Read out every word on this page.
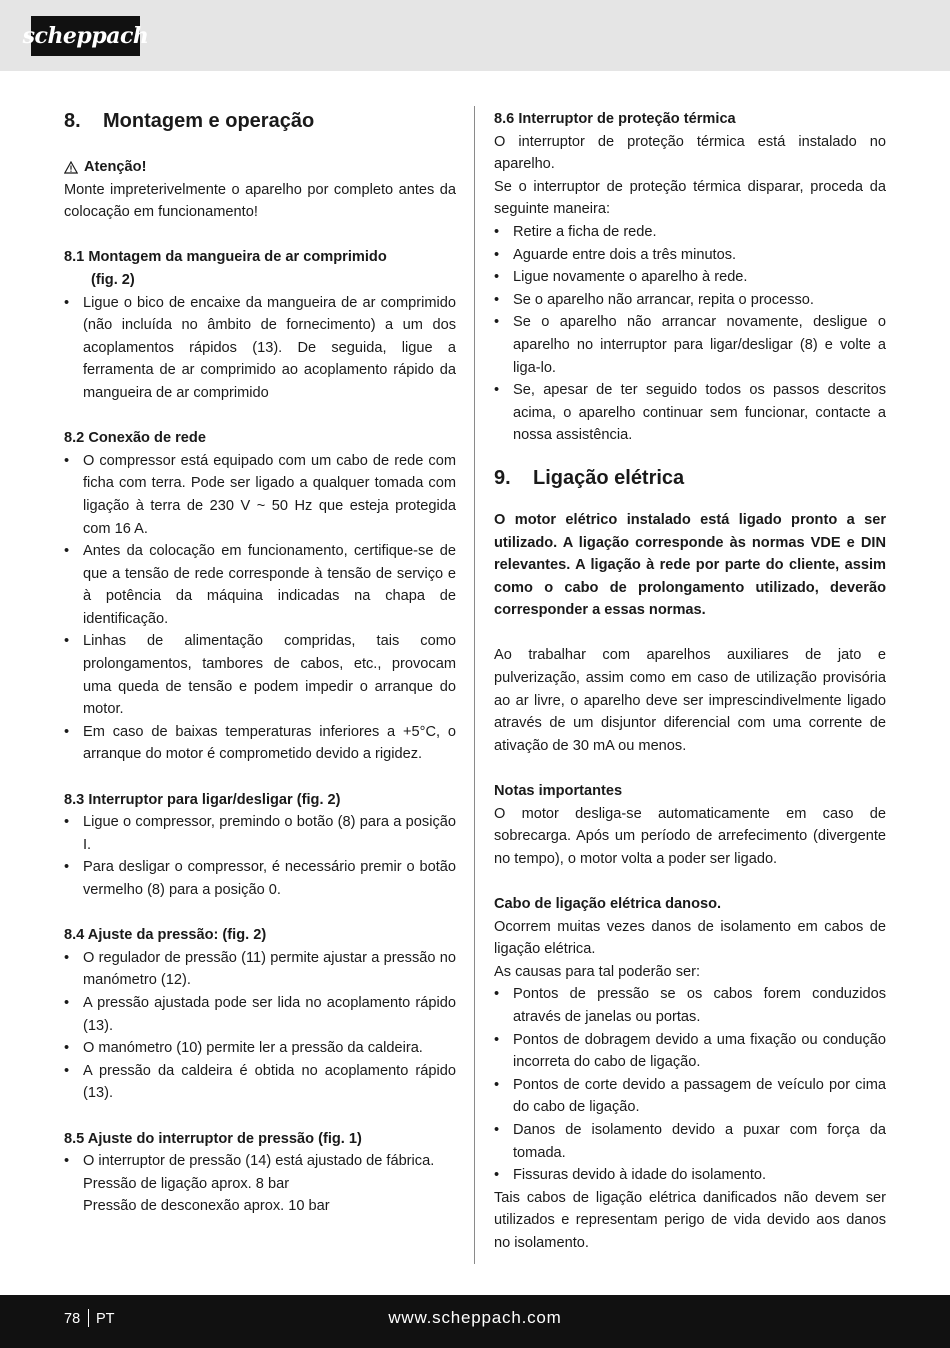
scheppach
8.	Montagem e operação
Atenção!
Monte impreterivelmente o aparelho por completo antes da colocação em funcionamento!
8.1 Montagem da mangueira de ar comprimido
(fig. 2)
• Ligue o bico de encaixe da mangueira de ar comprimido (não incluída no âmbito de fornecimento) a um dos acoplamentos rápidos (13). De seguida, ligue a ferramenta de ar comprimido ao acoplamento rápido da mangueira de ar comprimido
8.2 Conexão de rede
• O compressor está equipado com um cabo de rede com ficha com terra. Pode ser ligado a qualquer tomada com ligação à terra de 230 V ~ 50 Hz que esteja protegida com 16 A.
• Antes da colocação em funcionamento, certifique-se de que a tensão de rede corresponde à tensão de serviço e à potência da máquina indicadas na chapa de identificação.
• Linhas de alimentação compridas, tais como prolongamentos, tambores de cabos, etc., provocam uma queda de tensão e podem impedir o arranque do motor.
• Em caso de baixas temperaturas inferiores a +5°C, o arranque do motor é comprometido devido a rigidez.
8.3 Interruptor para ligar/desligar (fig. 2)
• Ligue o compressor, premindo o botão (8) para a posição I.
• Para desligar o compressor, é necessário premir o botão vermelho (8) para a posição 0.
8.4 Ajuste da pressão: (fig. 2)
• O regulador de pressão (11) permite ajustar a pressão no manómetro (12).
• A pressão ajustada pode ser lida no acoplamento rápido (13).
• O manómetro (10) permite ler a pressão da caldeira.
• A pressão da caldeira é obtida no acoplamento rápido (13).
8.5 Ajuste do interruptor de pressão (fig. 1)
• O interruptor de pressão (14) está ajustado de fábrica.
Pressão de ligação aprox. 8 bar
Pressão de desconexão aprox. 10 bar
8.6 Interruptor de proteção térmica
O interruptor de proteção térmica está instalado no aparelho.
Se o interruptor de proteção térmica disparar, proceda da seguinte maneira:
• Retire a ficha de rede.
• Aguarde entre dois a três minutos.
• Ligue novamente o aparelho à rede.
• Se o aparelho não arrancar, repita o processo.
• Se o aparelho não arrancar novamente, desligue o aparelho no interruptor para ligar/desligar (8) e volte a liga-lo.
• Se, apesar de ter seguido todos os passos descritos acima, o aparelho continuar sem funcionar, contacte a nossa assistência.
9.	Ligação elétrica
O motor elétrico instalado está ligado pronto a ser utilizado. A ligação corresponde às normas VDE e DIN relevantes. A ligação à rede por parte do cliente, assim como o cabo de prolongamento utilizado, deverão corresponder a essas normas.
Ao trabalhar com aparelhos auxiliares de jato e pulverização, assim como em caso de utilização provisória ao ar livre, o aparelho deve ser imprescindivelmente ligado através de um disjuntor diferencial com uma corrente de ativação de 30 mA ou menos.
Notas importantes
O motor desliga-se automaticamente em caso de sobrecarga. Após um período de arrefecimento (divergente no tempo), o motor volta a poder ser ligado.
Cabo de ligação elétrica danoso.
Ocorrem muitas vezes danos de isolamento em cabos de ligação elétrica.
As causas para tal poderão ser:
• Pontos de pressão se os cabos forem conduzidos através de janelas ou portas.
• Pontos de dobragem devido a uma fixação ou condução incorreta do cabo de ligação.
• Pontos de corte devido a passagem de veículo por cima do cabo de ligação.
• Danos de isolamento devido a puxar com força da tomada.
• Fissuras devido à idade do isolamento.
Tais cabos de ligação elétrica danificados não devem ser utilizados e representam perigo de vida devido aos danos no isolamento.
78 PT	www.scheppach.com
